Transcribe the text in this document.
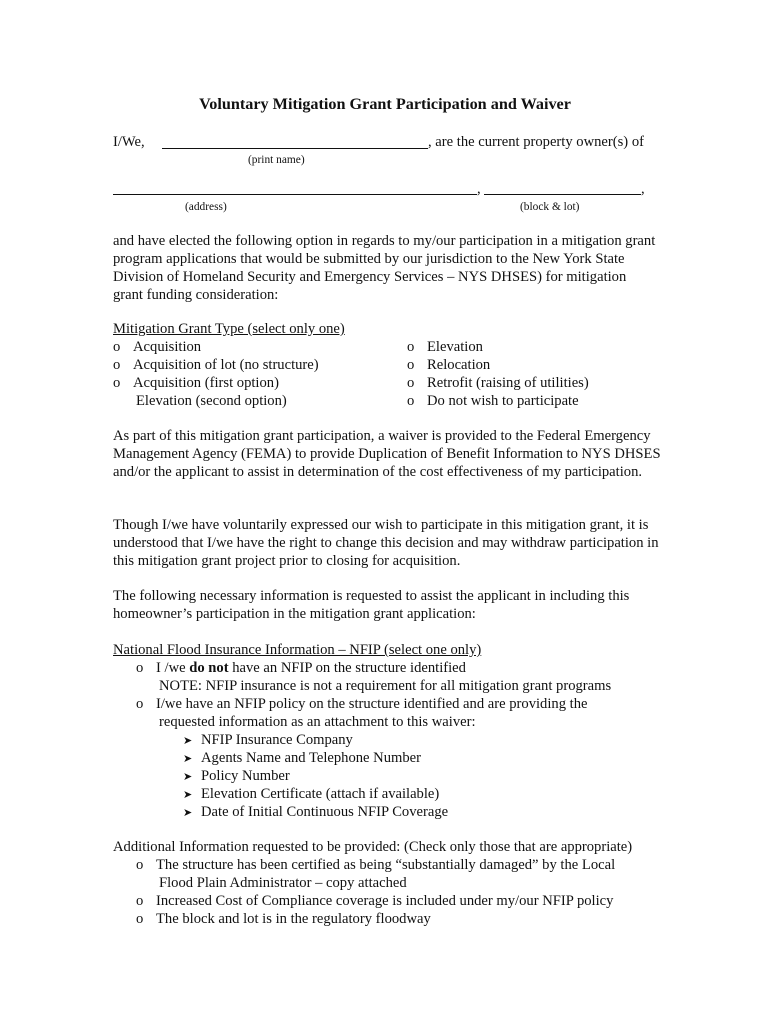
Voluntary Mitigation Grant Participation and Waiver
I/We,	, are the current property owner(s) of
(print name)
,	,
(address)	(block & lot)
and have elected the following option in regards to my/our participation in a mitigation grant program applications that would be submitted by our jurisdiction to the New York State Division of Homeland Security and Emergency Services – NYS DHSES) for mitigation grant funding consideration:
Mitigation Grant Type (select only one)
o Acquisition
o Acquisition of lot (no structure)
o Acquisition (first option)
Elevation (second option)
o Elevation
o Relocation
o Retrofit (raising of utilities)
o Do not wish to participate
As part of this mitigation grant participation, a waiver is provided to the Federal Emergency Management Agency (FEMA) to provide Duplication of Benefit Information to NYS DHSES and/or the applicant to assist in determination of the cost effectiveness of my participation.
Though I/we have voluntarily expressed our wish to participate in this mitigation grant, it is understood that I/we have the right to change this decision and may withdraw participation in this mitigation grant project prior to closing for acquisition.
The following necessary information is requested to assist the applicant in including this homeowner’s participation in the mitigation grant application:
National Flood Insurance Information – NFIP (select one only)
o I /we do not have an NFIP on the structure identified
NOTE: NFIP insurance is not a requirement for all mitigation grant programs
o I/we have an NFIP policy on the structure identified and are providing the
requested information as an attachment to this waiver:
➤ NFIP Insurance Company
➤ Agents Name and Telephone Number
➤ Policy Number
➤ Elevation Certificate (attach if available)
➤ Date of Initial Continuous NFIP Coverage
Additional Information requested to be provided: (Check only those that are appropriate)
o The structure has been certified as being “substantially damaged” by the Local
Flood Plain Administrator – copy attached
o Increased Cost of Compliance coverage is included under my/our NFIP policy
o The block and lot is in the regulatory floodway
